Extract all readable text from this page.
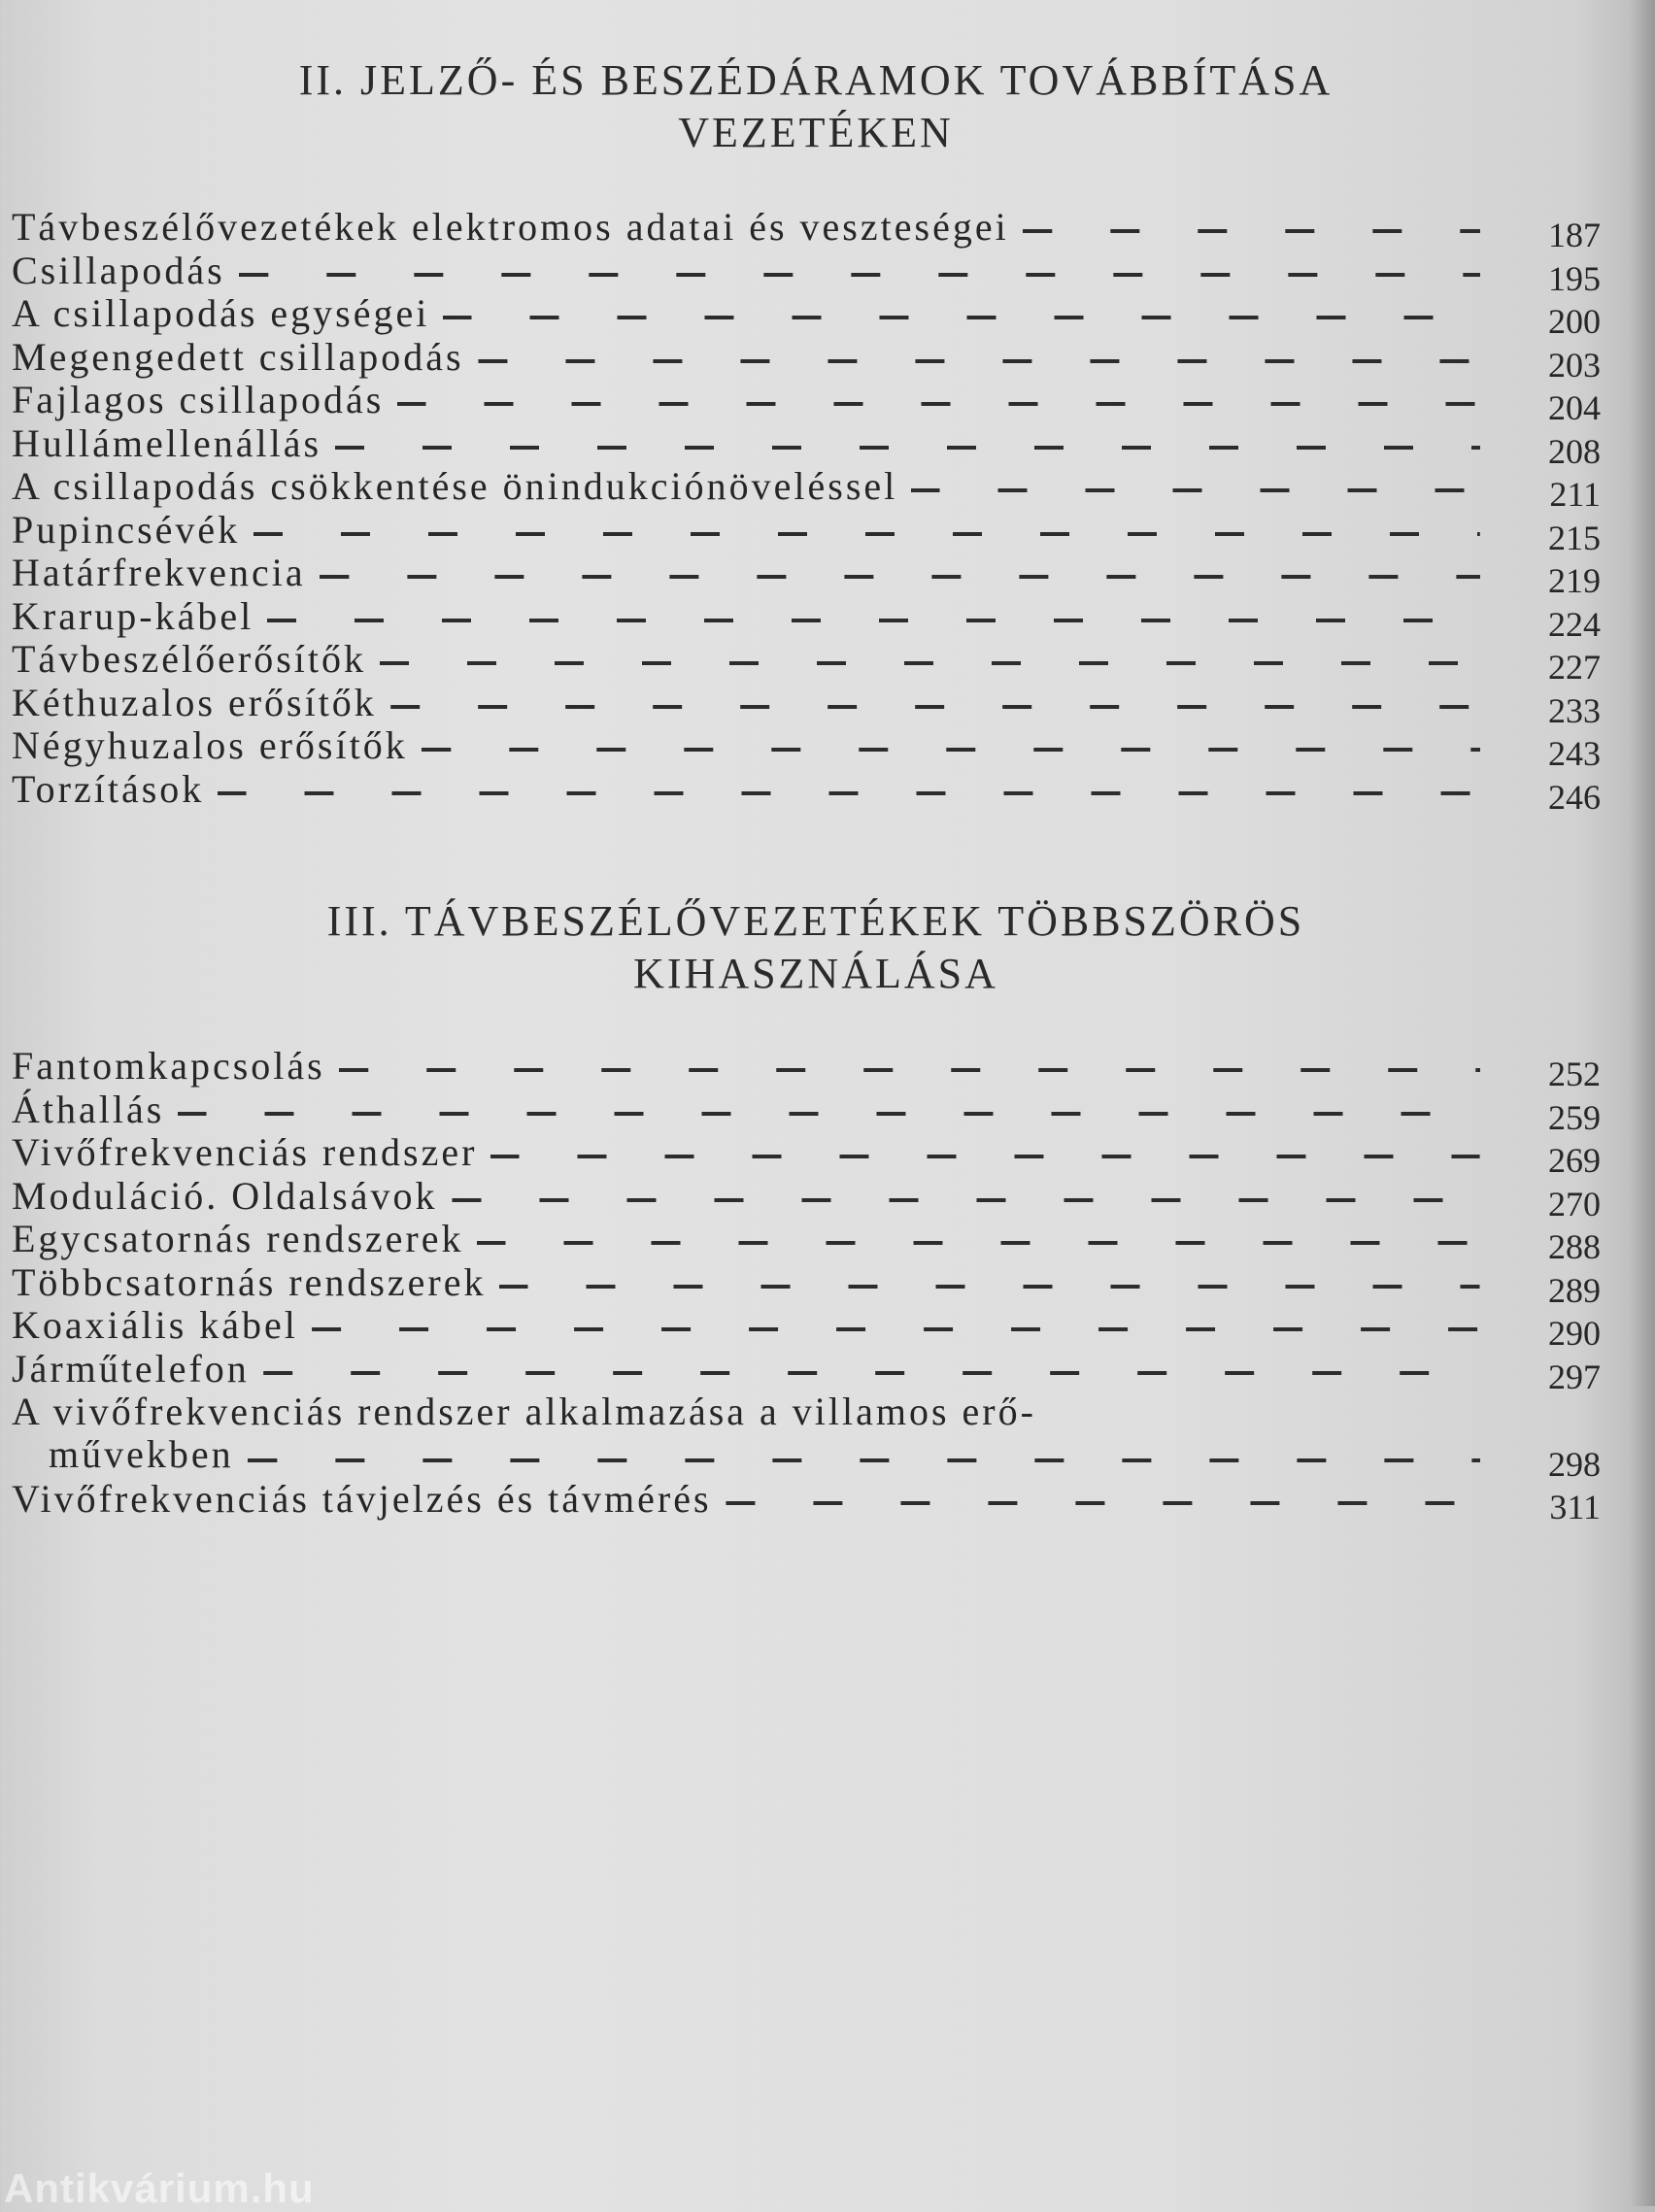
II. JELZŐ- ÉS BESZÉDÁRAMOK TOVÁBBÍTÁSA
VEZETÉKEN
Távbeszélővezetékek elektromos adatai és veszteségei	187
Csillapodás	195
A csillapodás egységei	200
Megengedett csillapodás	203
Fajlagos csillapodás	204
Hullámellenállás	208
A csillapodás csökkentése önindukciónöveléssel	211
Pupincsévék	215
Határfrekvencia	219
Krarup-kábel	224
Távbeszélőerősítők	227
Kéthuzalos erősítők	233
Négyhuzalos erősítők	243
Torzítások	246
III. TÁVBESZÉLŐVEZETÉKEK TÖBBSZÖRÖS
KIHASZNÁLÁSA
Fantomkapcsolás	252
Áthallás	259
Vivőfrekvenciás rendszer	269
Moduláció. Oldalsávok	270
Egycsatornás rendszerek	288
Többcsatornás rendszerek	289
Koaxiális kábel	290
Járműtelefon	297
A vivőfrekvenciás rendszer alkalmazása a villamos erő-
művekben	298
Vivőfrekvenciás távjelzés és távmérés	311
Antikvárium.hu
